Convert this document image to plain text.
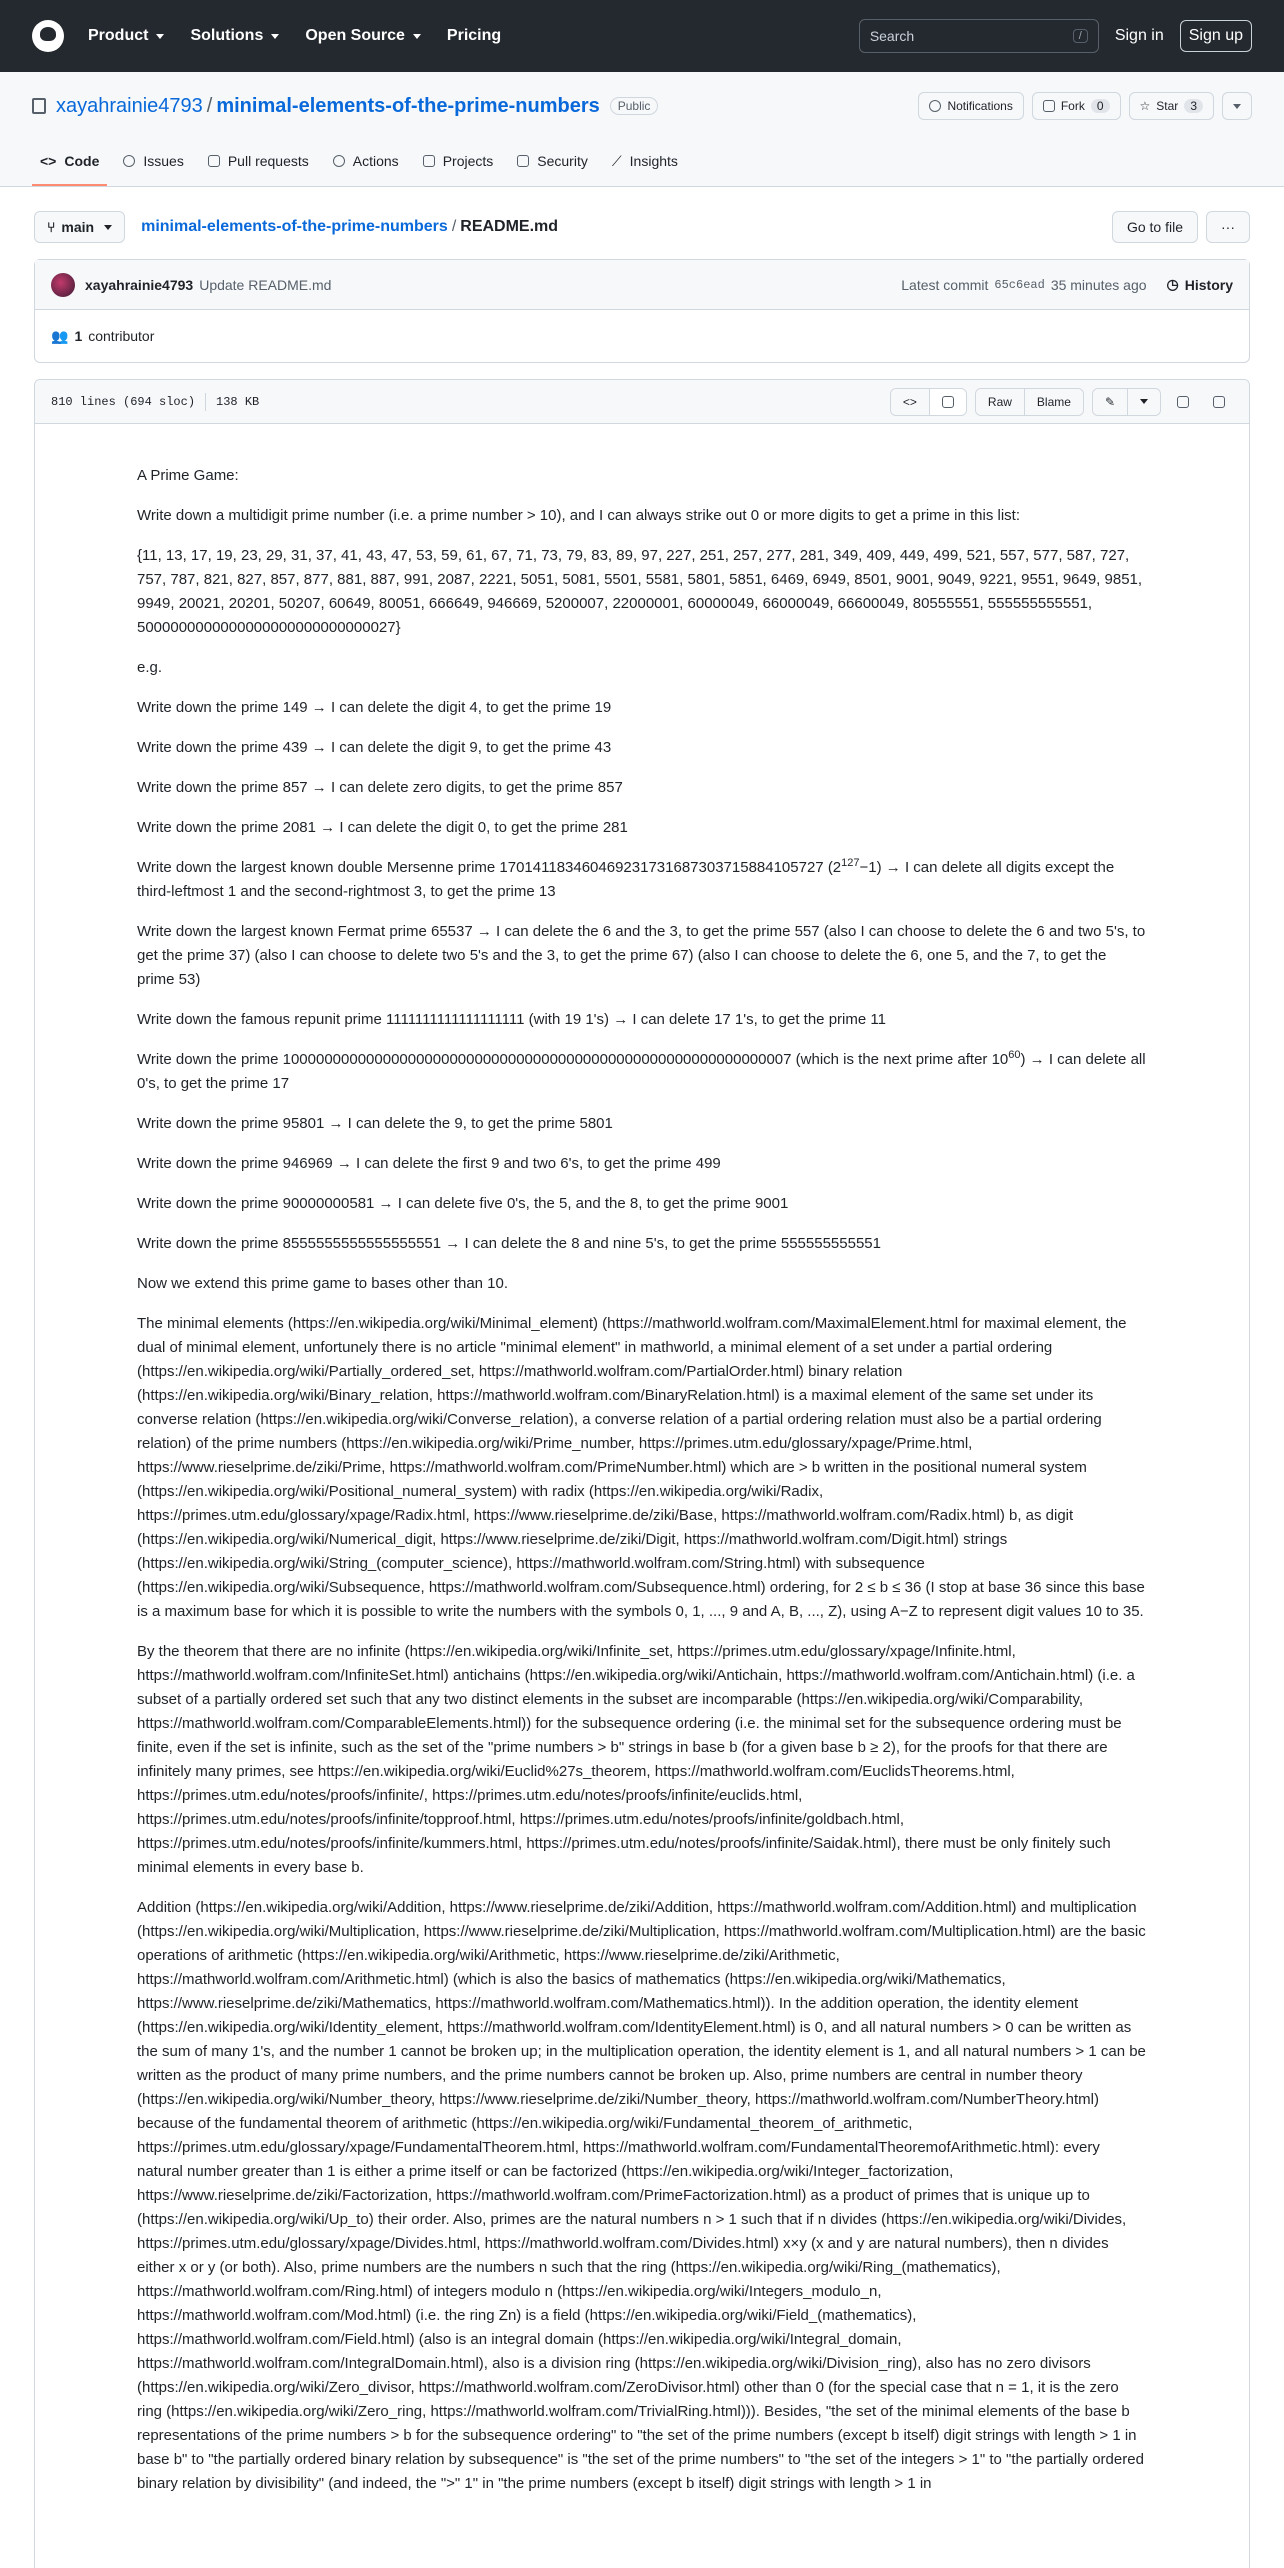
Product	Solutions	Open Source	Pricing	Search	/	Sign in	Sign up
xayahrainie4793 / minimal-elements-of-the-prime-numbers	Public	Notifications	Fork	0	☆ Star	3
<> Code	Issues	Pull requests	Actions	Projects	Security ⟋ Insights
⑂ main	minimal-elements-of-the-prime-numbers / README.md	Go to file	···
xayahrainie4793 Update README.md	Latest commit 65c6ead 35 minutes ago ◷ History
👥 1 contributor
810 lines (694 sloc) 138 KB	<>	Raw	Blame	✎

A Prime Game:

Write down a multidigit prime number (i.e. a prime number > 10), and I can always strike out 0 or more digits to get a prime in this list:

{11, 13, 17, 19, 23, 29, 31, 37, 41, 43, 47, 53, 59, 61, 67, 71, 73, 79, 83, 89, 97, 227, 251, 257, 277, 281, 349, 409, 449, 499, 521, 557, 577, 587, 727, 757, 787, 821, 827, 857, 877, 881, 887, 991, 2087, 2221, 5051, 5081, 5501, 5581, 5801, 5851, 6469, 6949, 8501, 9001, 9049, 9221, 9551, 9649, 9851, 9949, 20021, 20201, 50207, 60649, 80051, 666649, 946669, 5200007, 22000001, 60000049, 66000049, 66600049, 80555551, 555555555551, 5000000000000000000000000000027}

e.g.

Write down the prime 149 → I can delete the digit 4, to get the prime 19

Write down the prime 439 → I can delete the digit 9, to get the prime 43

Write down the prime 857 → I can delete zero digits, to get the prime 857

Write down the prime 2081 → I can delete the digit 0, to get the prime 281

Write down the largest known double Mersenne prime 170141183460469231731687303715884105727 $(2^{127}-1) \to I$ can delete all digits except the third-leftmost 1 and the second-rightmost 3, to get the prime 13

Write down the largest known Fermat prime 65537 → I can delete the 6 and the 3, to get the prime 557 (also I can choose to delete the 6 and two 5's, to get the prime 37) (also I can choose to delete two 5's and the 3, to get the prime 67) (also I can choose to delete the 6, one 5, and the 7, to get the prime 53)

Write down the famous repunit prime 1111111111111111111 (with 19 1's) → I can delete 17 1's, to get the prime 11

Write down the prime 1000000000000000000000000000000000000000000000000000000000007 (which is the next prime after $10^{60}) \to I$ can delete all 0's, to get the prime 17

Write down the prime 95801 → I can delete the 9, to get the prime 5801

Write down the prime 946969 → I can delete the first 9 and two 6's, to get the prime 499

Write down the prime 90000000581 → I can delete five 0's, the 5, and the 8, to get the prime 9001

Write down the prime 8555555555555555551 → I can delete the 8 and nine 5's, to get the prime 555555555551

Now we extend this prime game to bases other than 10.

The minimal elements (https://en.wikipedia.org/wiki/Minimal_element) (https://mathworld.wolfram.com/MaximalElement.html for maximal element, the dual of minimal element, unfortunely there is no article "minimal element" in mathworld, a minimal element of a set under a partial ordering (https://en.wikipedia.org/wiki/Partially_ordered_set, https://mathworld.wolfram.com/PartialOrder.html) binary relation (https://en.wikipedia.org/wiki/Binary_relation, https://mathworld.wolfram.com/BinaryRelation.html) is a maximal element of the same set under its converse relation (https://en.wikipedia.org/wiki/Converse_relation), a converse relation of a partial ordering relation must also be a partial ordering relation) of the prime numbers (https://en.wikipedia.org/wiki/Prime_number, https://primes.utm.edu/glossary/xpage/Prime.html, https://www.rieselprime.de/ziki/Prime, https://mathworld.wolfram.com/PrimeNumber.html) which are > b written in the positional numeral system (https://en.wikipedia.org/wiki/Positional_numeral_system) with radix (https://en.wikipedia.org/wiki/Radix, https://primes.utm.edu/glossary/xpage/Radix.html, https://www.rieselprime.de/ziki/Base, https://mathworld.wolfram.com/Radix.html) b, as digit (https://en.wikipedia.org/wiki/Numerical_digit, https://www.rieselprime.de/ziki/Digit, https://mathworld.wolfram.com/Digit.html) strings (https://en.wikipedia.org/wiki/String_(computer_science), https://mathworld.wolfram.com/String.html) with subsequence (https://en.wikipedia.org/wiki/Subsequence, https://mathworld.wolfram.com/Subsequence.html) ordering, for 2 ≤ b ≤ 36 (I stop at base 36 since this base is a maximum base for which it is possible to write the numbers with the symbols 0, 1, ..., 9 and A, B, ..., Z), using A−Z to represent digit values 10 to 35.

By the theorem that there are no infinite (https://en.wikipedia.org/wiki/Infinite_set, https://primes.utm.edu/glossary/xpage/Infinite.html, https://mathworld.wolfram.com/InfiniteSet.html) antichains (https://en.wikipedia.org/wiki/Antichain, https://mathworld.wolfram.com/Antichain.html) (i.e. a subset of a partially ordered set such that any two distinct elements in the subset are incomparable (https://en.wikipedia.org/wiki/Comparability, https://mathworld.wolfram.com/ComparableElements.html)) for the subsequence ordering (i.e. the minimal set for the subsequence ordering must be finite, even if the set is infinite, such as the set of the "prime numbers > b" strings in base b (for a given base b ≥ 2), for the proofs for that there are infinitely many primes, see https://en.wikipedia.org/wiki/Euclid%27s_theorem, https://mathworld.wolfram.com/EuclidsTheorems.html, https://primes.utm.edu/notes/proofs/infinite/, https://primes.utm.edu/notes/proofs/infinite/euclids.html, https://primes.utm.edu/notes/proofs/infinite/topproof.html, https://primes.utm.edu/notes/proofs/infinite/goldbach.html, https://primes.utm.edu/notes/proofs/infinite/kummers.html, https://primes.utm.edu/notes/proofs/infinite/Saidak.html), there must be only finitely such minimal elements in every base b.

Addition (https://en.wikipedia.org/wiki/Addition, https://www.rieselprime.de/ziki/Addition, https://mathworld.wolfram.com/Addition.html) and multiplication (https://en.wikipedia.org/wiki/Multiplication, https://www.rieselprime.de/ziki/Multiplication, https://mathworld.wolfram.com/Multiplication.html) are the basic operations of arithmetic (https://en.wikipedia.org/wiki/Arithmetic, https://www.rieselprime.de/ziki/Arithmetic, https://mathworld.wolfram.com/Arithmetic.html) (which is also the basics of mathematics (https://en.wikipedia.org/wiki/Mathematics, https://www.rieselprime.de/ziki/Mathematics, https://mathworld.wolfram.com/Mathematics.html)). In the addition operation, the identity element (https://en.wikipedia.org/wiki/Identity_element, https://mathworld.wolfram.com/IdentityElement.html) is 0, and all natural numbers > 0 can be written as the sum of many 1's, and the number 1 cannot be broken up; in the multiplication operation, the identity element is 1, and all natural numbers > 1 can be written as the product of many prime numbers, and the prime numbers cannot be broken up. Also, prime numbers are central in number theory (https://en.wikipedia.org/wiki/Number_theory, https://www.rieselprime.de/ziki/Number_theory, https://mathworld.wolfram.com/NumberTheory.html) because of the fundamental theorem of arithmetic (https://en.wikipedia.org/wiki/Fundamental_theorem_of_arithmetic, https://primes.utm.edu/glossary/xpage/FundamentalTheorem.html, https://mathworld.wolfram.com/FundamentalTheoremofArithmetic.html): every natural number greater than 1 is either a prime itself or can be factorized (https://en.wikipedia.org/wiki/Integer_factorization, https://www.rieselprime.de/ziki/Factorization, https://mathworld.wolfram.com/PrimeFactorization.html) as a product of primes that is unique up to (https://en.wikipedia.org/wiki/Up_to) their order. Also, primes are the natural numbers n > 1 such that if n divides (https://en.wikipedia.org/wiki/Divides, https://primes.utm.edu/glossary/xpage/Divides.html, https://mathworld.wolfram.com/Divides.html) x×y (x and y are natural numbers), then n divides either x or y (or both). Also, prime numbers are the numbers n such that the ring (https://en.wikipedia.org/wiki/Ring_(mathematics), https://mathworld.wolfram.com/Ring.html) of integers modulo n (https://en.wikipedia.org/wiki/Integers_modulo_n, https://mathworld.wolfram.com/Mod.html) (i.e. the ring Zn) is a field (https://en.wikipedia.org/wiki/Field_(mathematics), https://mathworld.wolfram.com/Field.html) (also is an integral domain (https://en.wikipedia.org/wiki/Integral_domain, https://mathworld.wolfram.com/IntegralDomain.html), also is a division ring (https://en.wikipedia.org/wiki/Division_ring), also has no zero divisors (https://en.wikipedia.org/wiki/Zero_divisor, https://mathworld.wolfram.com/ZeroDivisor.html) other than 0 (for the special case that n = 1, it is the zero ring (https://en.wikipedia.org/wiki/Zero_ring, https://mathworld.wolfram.com/TrivialRing.html))). Besides, "the set of the minimal elements of the base b representations of the prime numbers > b for the subsequence ordering" to "the set of the prime numbers (except b itself) digit strings with length > 1 in base b" to "the partially ordered binary relation by subsequence" is "the set of the prime numbers" to "the set of the integers > 1" to "the partially ordered binary relation by divisibility" (and indeed, the ">" 1" in "the prime numbers (except b itself) digit strings with length > 1 in
